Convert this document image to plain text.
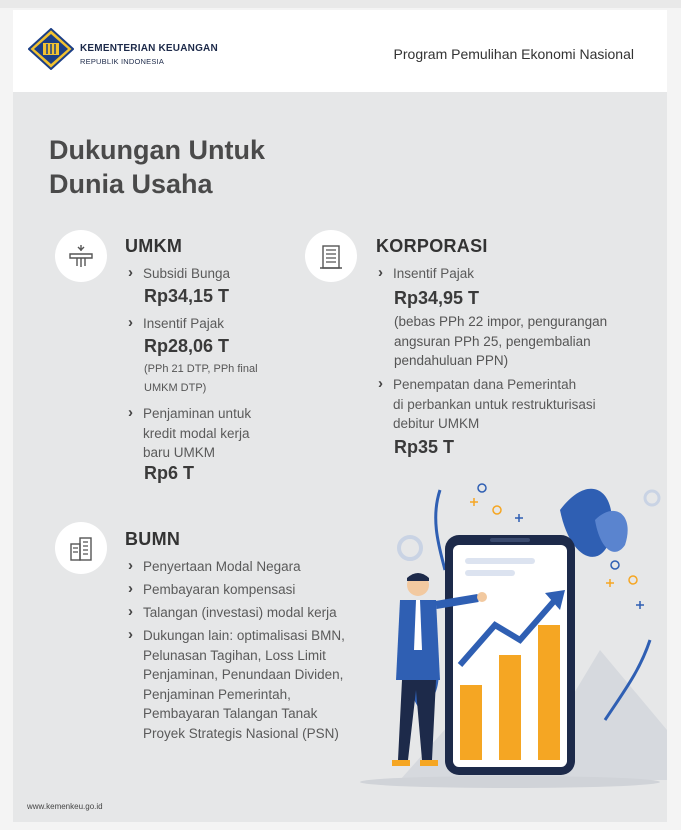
KEMENTERIAN KEUANGAN
REPUBLIK INDONESIA	Program Pemulihan Ekonomi Nasional
Dukungan Untuk
Dunia Usaha
UMKM
› Subsidi Bunga
Rp34,15 T
› Insentif Pajak
Rp28,06 T
(PPh 21 DTP, PPh final
UMKM DTP)
› Penjaminan untuk
kredit modal kerja
baru UMKM
Rp6 T
KORPORASI
› Insentif Pajak
Rp34,95 T
(bebas PPh 22 impor, pengurangan
angsuran PPh 25, pengembalian
pendahuluan PPN)
› Penempatan dana Pemerintah
di perbankan untuk restrukturisasi
debitur UMKM
Rp35 T
BUMN
› Penyertaan Modal Negara
› Pembayaran kompensasi
› Talangan (investasi) modal kerja
› Dukungan lain: optimalisasi BMN,
Pelunasan Tagihan, Loss Limit
Penjaminan, Penundaan Dividen,
Penjaminan Pemerintah,
Pembayaran Talangan Tanak
Proyek Strategis Nasional (PSN)
www.kemenkeu.go.id
